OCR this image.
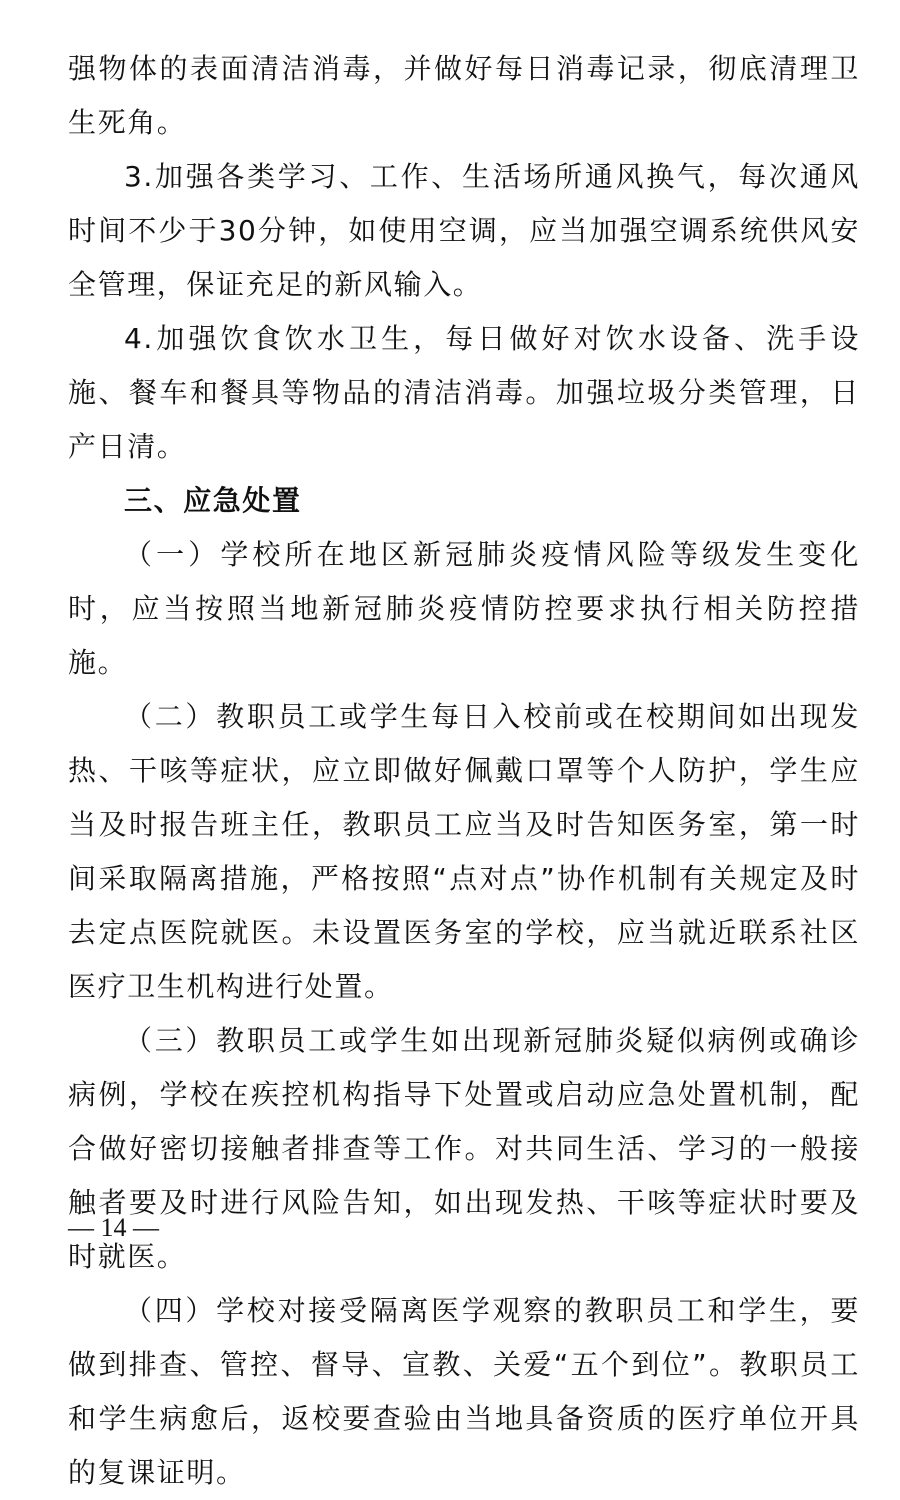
强物体的表面清洁消毒，并做好每日消毒记录，彻底清理卫生死角。

3.加强各类学习、工作、生活场所通风换气，每次通风时间不少于30分钟，如使用空调，应当加强空调系统供风安全管理，保证充足的新风输入。

4.加强饮食饮水卫生，每日做好对饮水设备、洗手设施、餐车和餐具等物品的清洁消毒。加强垃圾分类管理，日产日清。

三、应急处置

（一）学校所在地区新冠肺炎疫情风险等级发生变化时，应当按照当地新冠肺炎疫情防控要求执行相关防控措施。

（二）教职员工或学生每日入校前或在校期间如出现发热、干咳等症状，应立即做好佩戴口罩等个人防护，学生应当及时报告班主任，教职员工应当及时告知医务室，第一时间采取隔离措施，严格按照“点对点”协作机制有关规定及时去定点医院就医。未设置医务室的学校，应当就近联系社区医疗卫生机构进行处置。

（三）教职员工或学生如出现新冠肺炎疑似病例或确诊病例，学校在疾控机构指导下处置或启动应急处置机制，配合做好密切接触者排查等工作。对共同生活、学习的一般接触者要及时进行风险告知，如出现发热、干咳等症状时要及时就医。

（四）学校对接受隔离医学观察的教职员工和学生，要做到排查、管控、督导、宣教、关爱“五个到位”。教职员工和学生病愈后，返校要查验由当地具备资质的医疗单位开具的复课证明。

— 14 —
